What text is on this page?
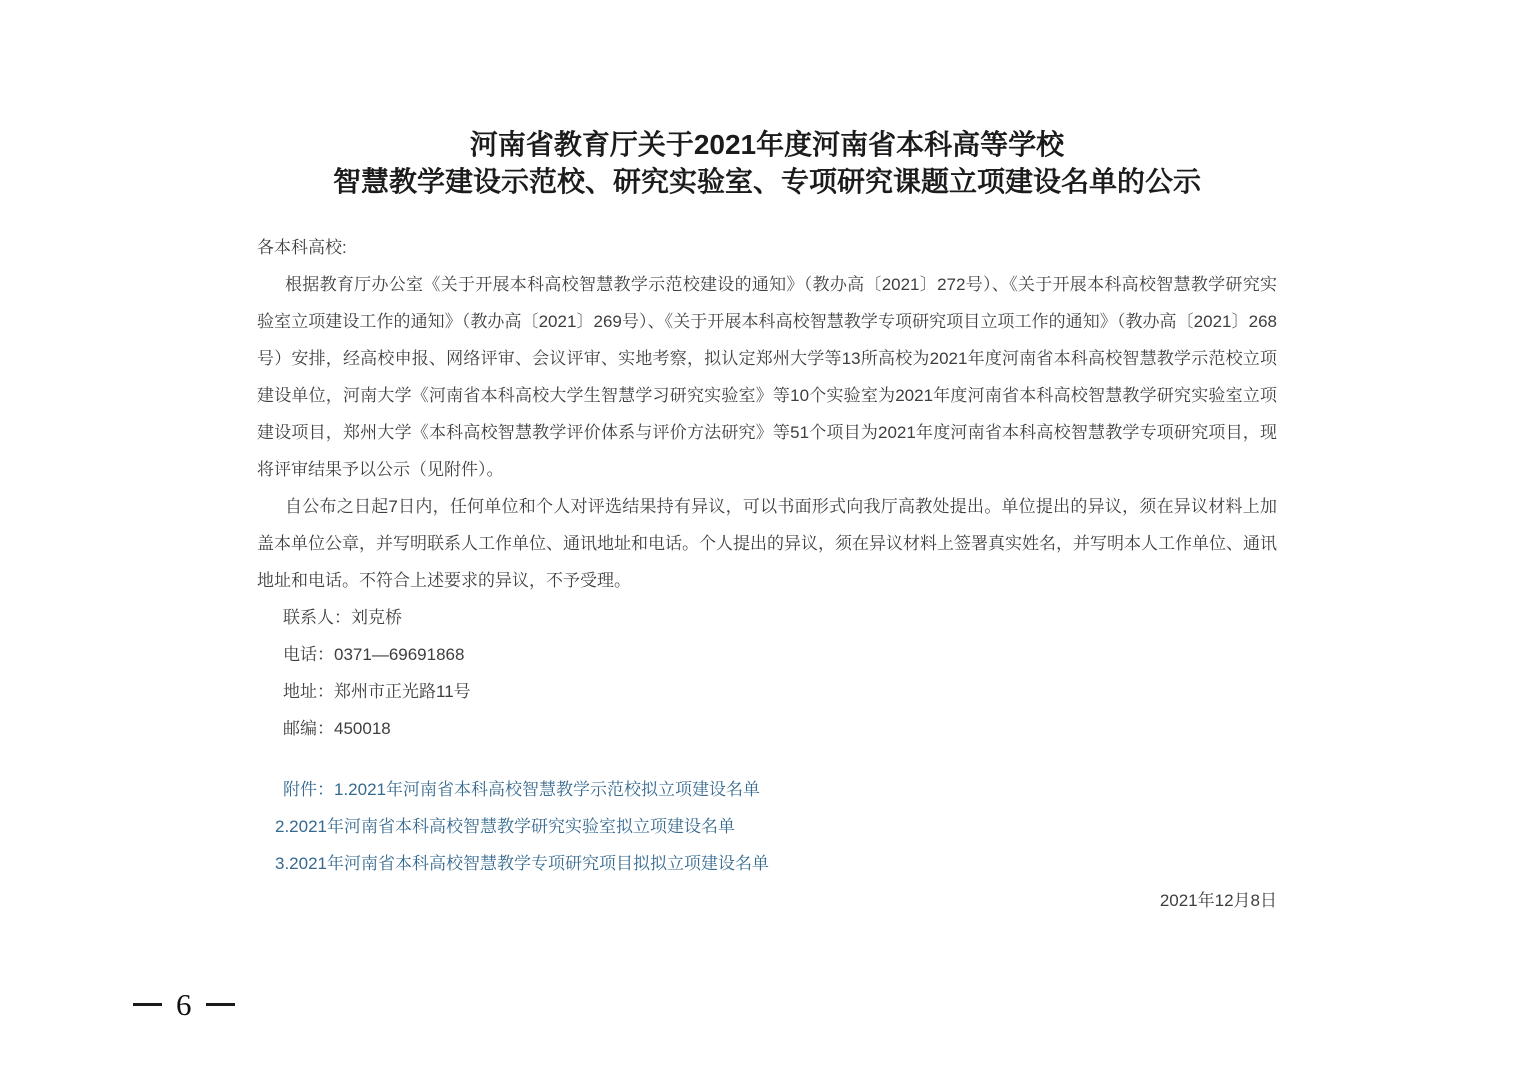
河南省教育厅关于2021年度河南省本科高等学校
智慧教学建设示范校、研究实验室、专项研究课题立项建设名单的公示

各本科高校:

根据教育厅办公室《关于开展本科高校智慧教学示范校建设的通知》（教办高〔2021〕272号）、《关于开展本科高校智慧教学研究实验室立项建设工作的通知》（教办高〔2021〕269号）、《关于开展本科高校智慧教学专项研究项目立项工作的通知》（教办高〔2021〕268号）安排，经高校申报、网络评审、会议评审、实地考察，拟认定郑州大学等13所高校为2021年度河南省本科高校智慧教学示范校立项建设单位，河南大学《河南省本科高校大学生智慧学习研究实验室》等10个实验室为2021年度河南省本科高校智慧教学研究实验室立项建设项目，郑州大学《本科高校智慧教学评价体系与评价方法研究》等51个项目为2021年度河南省本科高校智慧教学专项研究项目，现将评审结果予以公示（见附件）。

自公布之日起7日内，任何单位和个人对评选结果持有异议，可以书面形式向我厅高教处提出。单位提出的异议，须在异议材料上加盖本单位公章，并写明联系人工作单位、通讯地址和电话。个人提出的异议，须在异议材料上签署真实姓名，并写明本人工作单位、通讯地址和电话。不符合上述要求的异议，不予受理。

联系人：刘克桥

电话：0371—69691868

地址：郑州市正光路11号

邮编：450018

附件：1.2021年河南省本科高校智慧教学示范校拟立项建设名单

2.2021年河南省本科高校智慧教学研究实验室拟立项建设名单

3.2021年河南省本科高校智慧教学专项研究项目拟拟立项建设名单

2021年12月8日

6
